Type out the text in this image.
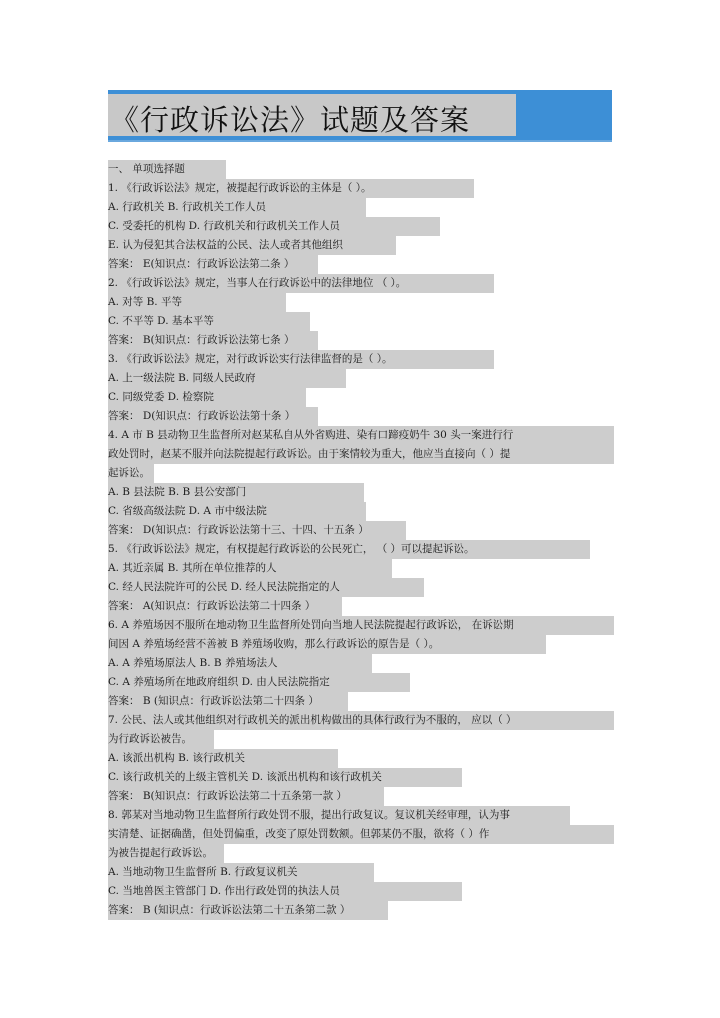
《行政诉讼法》试题及答案
一、 单项选择题
1. 《行政诉讼法》规定，被提起行政诉讼的主体是（ ）。
A. 行政机关 B. 行政机关工作人员
C. 受委托的机构 D. 行政机关和行政机关工作人员
E. 认为侵犯其合法权益的公民、法人或者其他组织
答案： E(知识点：行政诉讼法第二条 ）
2. 《行政诉讼法》规定，当事人在行政诉讼中的法律地位 （ ）。
A. 对等 B. 平等
C. 不平等 D. 基本平等
答案： B(知识点：行政诉讼法第七条 ）
3. 《行政诉讼法》规定，对行政诉讼实行法律监督的是（ ）。
A. 上一级法院 B. 同级人民政府
C. 同级党委 D. 检察院
答案： D(知识点：行政诉讼法第十条 ）
4. A 市 B 县动物卫生监督所对赵某私自从外省购进、染有口蹄疫奶牛 30 头一案进行行
政处罚时，赵某不服并向法院提起行政诉讼。由于案情较为重大，他应当直接向（ ）提
起诉讼。
A. B 县法院 B. B 县公安部门
C. 省级高级法院 D. A 市中级法院
答案： D(知识点：行政诉讼法第十三、十四、十五条 ）
5. 《行政诉讼法》规定，有权提起行政诉讼的公民死亡， （ ）可以提起诉讼。
A. 其近亲属 B. 其所在单位推荐的人
C. 经人民法院许可的公民 D. 经人民法院指定的人
答案： A(知识点：行政诉讼法第二十四条 ）
6. A 养殖场因不服所在地动物卫生监督所处罚向当地人民法院提起行政诉讼， 在诉讼期
间因 A 养殖场经营不善被 B 养殖场收购，那么行政诉讼的原告是（ ）。
A. A 养殖场原法人 B. B 养殖场法人
C. A 养殖场所在地政府组织 D. 由人民法院指定
答案： B (知识点：行政诉讼法第二十四条 ）
7. 公民、法人或其他组织对行政机关的派出机构做出的具体行政行为不服的， 应以（ ）
为行政诉讼被告。
A. 该派出机构 B. 该行政机关
C. 该行政机关的上级主管机关 D. 该派出机构和该行政机关
答案： B(知识点：行政诉讼法第二十五条第一款 ）
8. 郭某对当地动物卫生监督所行政处罚不服，提出行政复议。复议机关经审理，认为事
实清楚、证据确凿，但处罚偏重，改变了原处罚数额。但郭某仍不服，欲将（ ）作
为被告提起行政诉讼。
A. 当地动物卫生监督所 B. 行政复议机关
C. 当地兽医主管部门 D. 作出行政处罚的执法人员
答案： B (知识点：行政诉讼法第二十五条第二款 ）
